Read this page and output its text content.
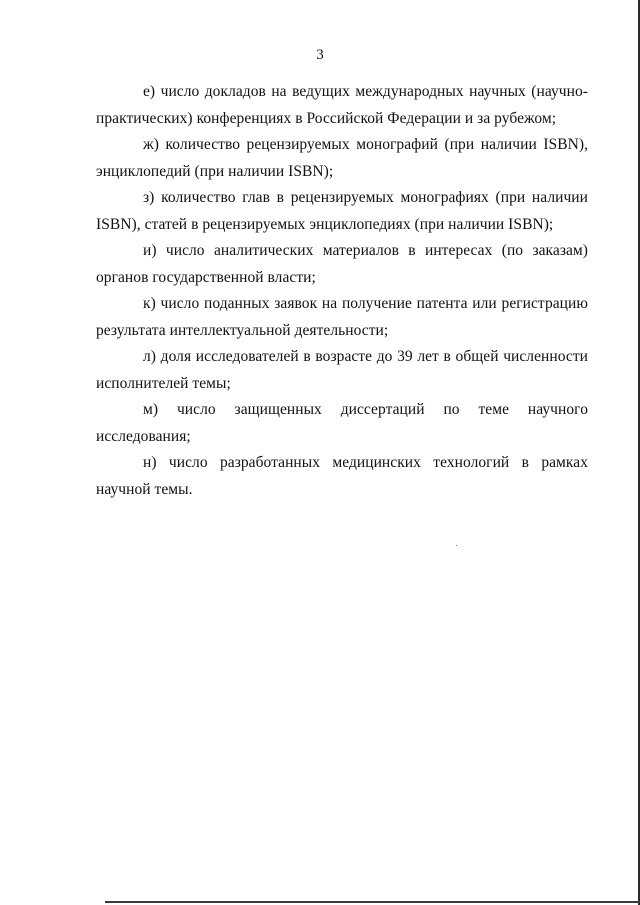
3

е) число докладов на ведущих международных научных (научно-практических) конференциях в Российской Федерации и за рубежом;

ж) количество рецензируемых монографий (при наличии ISBN), энциклопедий (при наличии ISBN);

з) количество глав в рецензируемых монографиях (при наличии ISBN), статей в рецензируемых энциклопедиях (при наличии ISBN);

и) число аналитических материалов в интересах (по заказам) органов государственной власти;

к) число поданных заявок на получение патента или регистрацию результата интеллектуальной деятельности;

л) доля исследователей в возрасте до 39 лет в общей численности исполнителей темы;

м) число защищенных диссертаций по теме научного исследования;

н) число разработанных медицинских технологий в рамках научной темы.
